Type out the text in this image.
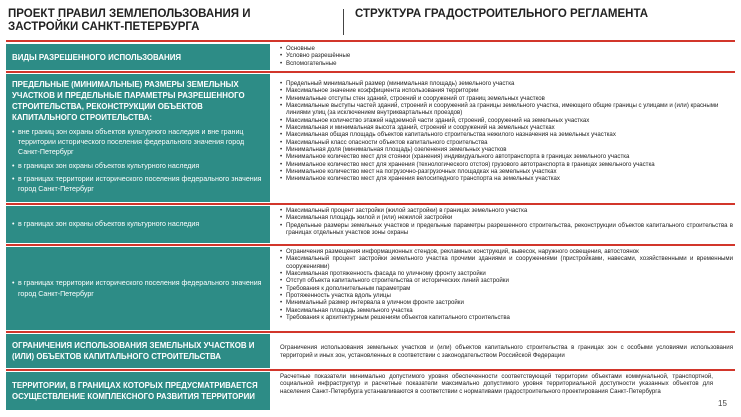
ПРОЕКТ ПРАВИЛ ЗЕМЛЕПОЛЬЗОВАНИЯ И ЗАСТРОЙКИ САНКТ-ПЕТЕРБУРГА
СТРУКТУРА ГРАДОСТРОИТЕЛЬНОГО РЕГЛАМЕНТА
ВИДЫ РАЗРЕШЕННОГО ИСПОЛЬЗОВАНИЯ
• Основные
• Условно разрешённые
• Вспомогательные
ПРЕДЕЛЬНЫЕ (МИНИМАЛЬНЫЕ) РАЗМЕРЫ ЗЕМЕЛЬНЫХ УЧАСТКОВ И ПРЕДЕЛЬНЫЕ ПАРАМЕТРЫ РАЗРЕШЕННОГО СТРОИТЕЛЬСТВА, РЕКОНСТРУКЦИИ ОБЪЕКТОВ КАПИТАЛЬНОГО СТРОИТЕЛЬСТВА:
• вне границ зон охраны объектов культурного наследия и вне границ территории исторического поселения федерального значения город Санкт-Петербург
• в границах зон охраны объектов культурного наследия
• в границах территории исторического поселения федерального значения город Санкт-Петербург
• Предельный минимальный размер (минимальная площадь) земельного участка
• Максимальное значение коэффициента использования территории
• Минимальные отступы стен зданий, строений и сооружений от границ земельных участков
• Максимальные выступы частей зданий, строений и сооружений за границы земельного участка, имеющего общие границы с улицами и (или) красными линиями улиц (за исключением внутриквартальных проездов)
• Максимальное количество этажей надземной части зданий, строений, сооружений на земельных участках
• Максимальная и минимальная высота зданий, строений и сооружений на земельных участках
• Максимальная общая площадь объектов капитального строительства нежилого назначения на земельных участках
• Максимальный класс опасности объектов капитального строительства
• Минимальная доля (минимальная площадь) озеленения земельных участков
• Минимальное количество мест для стоянки (хранения) индивидуального автотранспорта в границах земельного участка
• Минимальное количество мест для хранения (технологического отстоя) грузового автотранспорта в границах земельного участка
• Минимальное количество мест на погрузочно-разгрузочных площадках на земельных участках
• Минимальное количество мест для хранения велосипедного транспорта на земельных участках
• в границах зон охраны объектов культурного наследия
• Максимальный процент застройки (жилой застройки) в границах земельного участка
• Максимальная площадь жилой и (или) нежилой застройки
• Предельные размеры земельных участков и предельные параметры разрешенного строительства, реконструкции объектов капитального строительства в границах отдельных участков зоны охраны
• в границах территории исторического поселения федерального значения город Санкт-Петербург
• Ограничения размещения информационных стендов, рекламных конструкций, вывесок, наружного освещения, автостоянок
• Максимальный процент застройки земельного участка прочими зданиями и сооружениями (пристройками, навесами, хозяйственными и временными сооружениями)
• Максимальная протяженность фасада по уличному фронту застройки
• Отступ объекта капитального строительства от исторических линий застройки
• Требования к дополнительным параметрам
• Протяженность участка вдоль улицы
• Минимальный размер интервала в уличном фронте застройки
• Максимальная площадь земельного участка
• Требования к архитектурным решениям объектов капитального строительства
ОГРАНИЧЕНИЯ ИСПОЛЬЗОВАНИЯ ЗЕМЕЛЬНЫХ УЧАСТКОВ И (ИЛИ) ОБЪЕКТОВ КАПИТАЛЬНОГО СТРОИТЕЛЬСТВА
Ограничения использования земельных участков и (или) объектов капитального строительства в границах зон с особыми условиями использования территорий и иных зон, установленных в соответствии с законодательством Российской Федерации
ТЕРРИТОРИИ, В ГРАНИЦАХ КОТОРЫХ ПРЕДУСМАТРИВАЕТСЯ ОСУЩЕСТВЛЕНИЕ КОМПЛЕКСНОГО РАЗВИТИЯ ТЕРРИТОРИИ
Расчетные показатели минимально допустимого уровня обеспеченности соответствующей территории объектами коммунальной, транспортной, социальной инфраструктур и расчетные показатели максимально допустимого уровня территориальной доступности указанных объектов для населения Санкт-Петербурга устанавливаются в соответствии с нормативами градостроительного проектирования Санкт-Петербурга
15
